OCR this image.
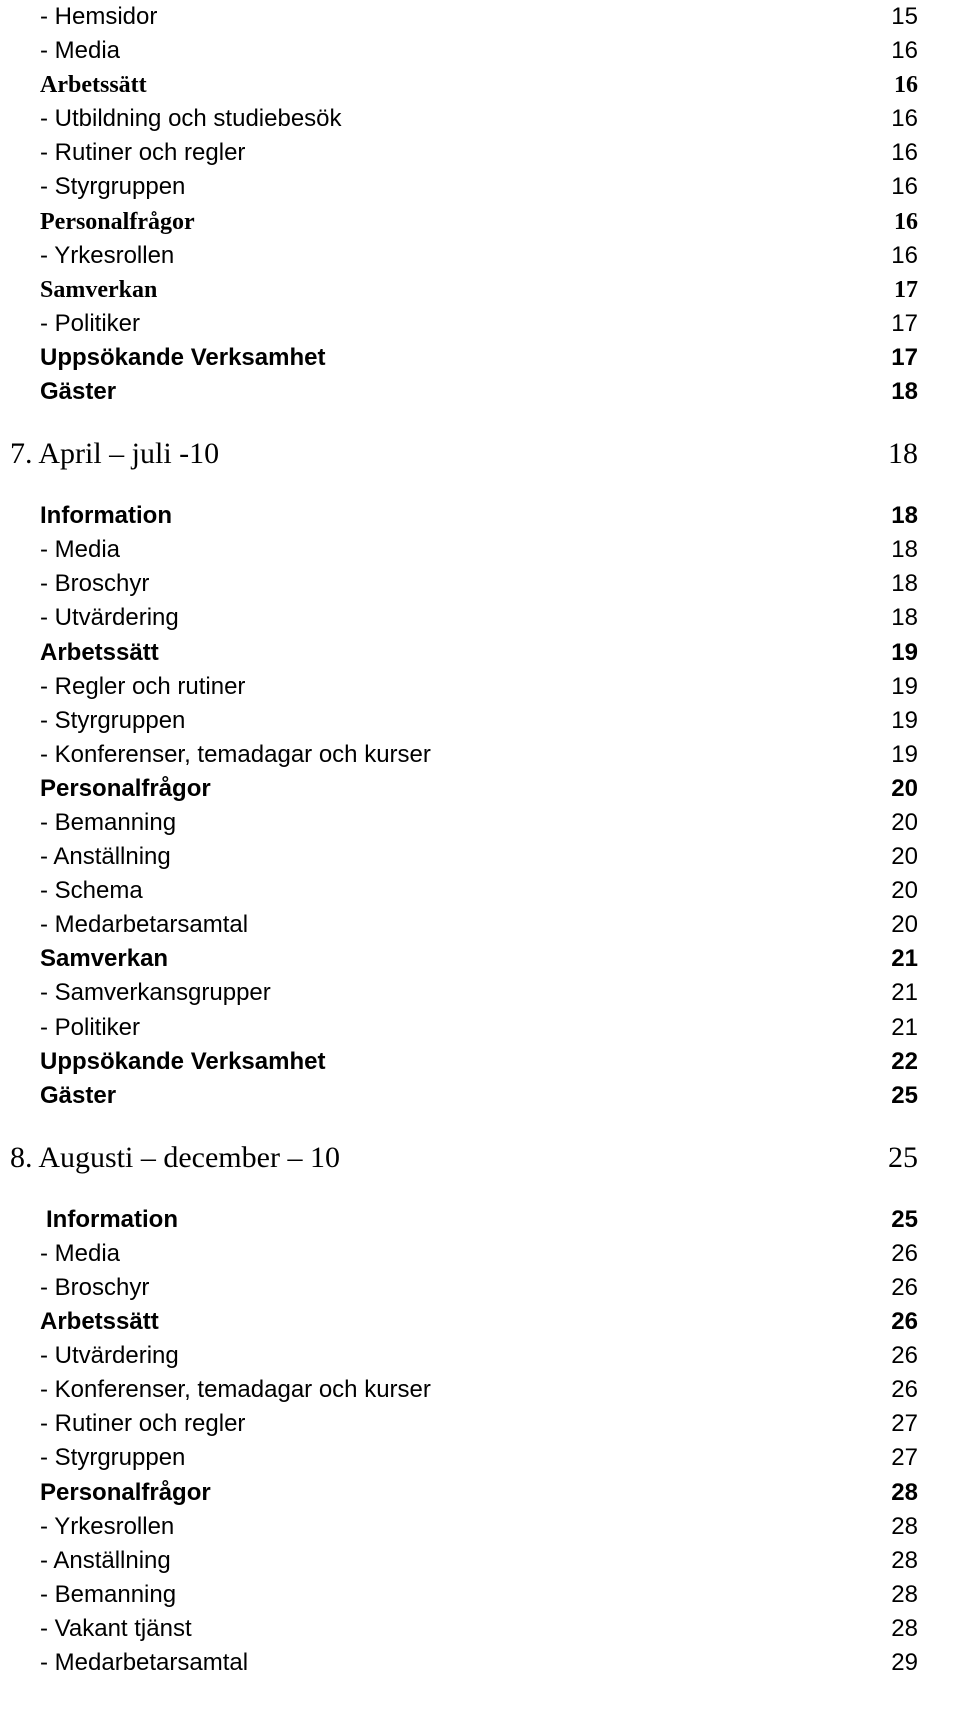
- Hemsidor	15
- Media	16
Arbetssätt	16
- Utbildning och studiebesök	16
- Rutiner och regler	16
- Styrgruppen	16
Personalfrågor	16
- Yrkesrollen	16
Samverkan	17
- Politiker	17
Uppsökande Verksamhet	17
Gäster	18
7. April – juli -10	18
Information	18
- Media	18
- Broschyr	18
- Utvärdering	18
Arbetssätt	19
- Regler och rutiner	19
- Styrgruppen	19
- Konferenser, temadagar och kurser	19
Personalfrågor	20
- Bemanning	20
- Anställning	20
- Schema	20
- Medarbetarsamtal	20
Samverkan	21
- Samverkansgrupper	21
- Politiker	21
Uppsökande Verksamhet	22
Gäster	25
8. Augusti – december – 10	25
Information	25
- Media	26
- Broschyr	26
Arbetssätt	26
- Utvärdering	26
- Konferenser, temadagar och kurser	26
- Rutiner och regler	27
- Styrgruppen	27
Personalfrågor	28
- Yrkesrollen	28
- Anställning	28
- Bemanning	28
- Vakant tjänst	28
- Medarbetarsamtal	29
